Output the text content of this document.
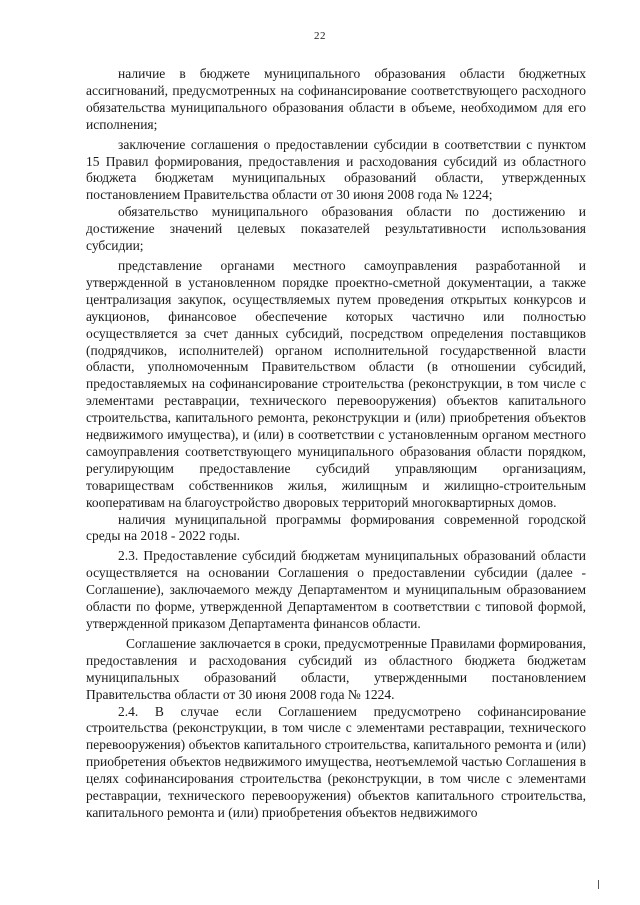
22

наличие в бюджете муниципального образования области бюджетных ассигнований, предусмотренных на софинансирование соответствующего расходного обязательства муниципального образования области в объеме, необходимом для его исполнения;

заключение соглашения о предоставлении субсидии в соответствии с пунктом 15 Правил формирования, предоставления и расходования субсидий из областного бюджета бюджетам муниципальных образований области, утвержденных постановлением Правительства области от 30 июня 2008 года № 1224;

обязательство муниципального образования области по достижению и достижение значений целевых показателей результативности использования субсидии;

представление органами местного самоуправления разработанной и утвержденной в установленном порядке проектно-сметной документации, а также централизация закупок, осуществляемых путем проведения открытых конкурсов и аукционов, финансовое обеспечение которых частично или полностью осуществляется за счет данных субсидий, посредством определения поставщиков (подрядчиков, исполнителей) органом исполнительной государственной власти области, уполномоченным Правительством области (в отношении субсидий, предоставляемых на софинансирование строительства (реконструкции, в том числе с элементами реставрации, технического перевооружения) объектов капитального строительства, капитального ремонта, реконструкции и (или) приобретения объектов недвижимого имущества), и (или) в соответствии с установленным органом местного самоуправления соответствующего муниципального образования области порядком, регулирующим предоставление субсидий управляющим организациям, товариществам собственников жилья, жилищным и жилищно-строительным кооперативам на благоустройство дворовых территорий многоквартирных домов.

наличия муниципальной программы формирования современной городской среды на 2018 - 2022 годы.

2.3. Предоставление субсидий бюджетам муниципальных образований области осуществляется на основании Соглашения о предоставлении субсидии (далее - Соглашение), заключаемого между Департаментом и муниципальным образованием области по форме, утвержденной Департаментом в соответствии с типовой формой, утвержденной приказом Департамента финансов области.

Соглашение заключается в сроки, предусмотренные Правилами формирования, предоставления и расходования субсидий из областного бюджета бюджетам муниципальных образований области, утвержденными постановлением Правительства области от 30 июня 2008 года № 1224.

2.4. В случае если Соглашением предусмотрено софинансирование строительства (реконструкции, в том числе с элементами реставрации, технического перевооружения) объектов капитального строительства, капитального ремонта и (или) приобретения объектов недвижимого имущества, неотъемлемой частью Соглашения в целях софинансирования строительства (реконструкции, в том числе с элементами реставрации, технического перевооружения) объектов капитального строительства, капитального ремонта и (или) приобретения объектов недвижимого
